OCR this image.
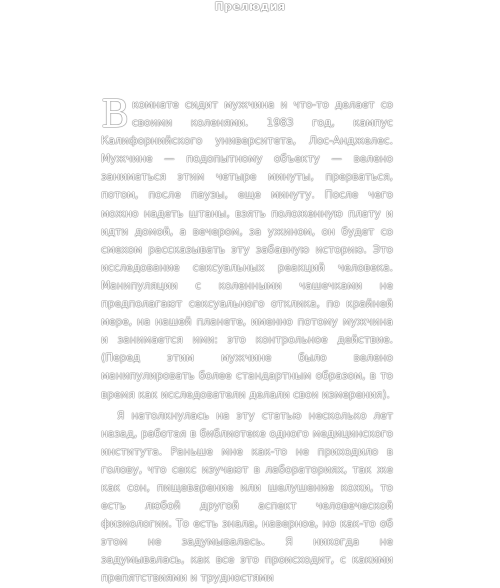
Прелюдия

В комнате сидит мужчина и что-то делает со своими коленями. 1983 год, кампус Калифорнийского университета, Лос-Анджелес. Мужчине — подопытному объекту — велено заниматься этим четыре минуты, прерваться, потом, после паузы, еще минуту. После чего можно надеть штаны, взять положенную плату и идти домой, а вечером, за ужином, он будет со смехом рассказывать эту забавную историю. Это исследование сексуальных реакций человека. Манипуляции с коленными чашечками не предполагают сексуального отклика, по крайней мере, на нашей планете, именно потому мужчина и занимается ими: это контрольное действие. (Перед этим мужчине было велено манипулировать более стандартным образом, в то время как исследователи делали свои измерения).

Я натолкнулась на эту статью несколько лет назад, работая в библиотеке одного медицинского института. Раньше мне как-то не приходило в голову, что секс изучают в лабораториях, так же как сон, пищеварение или шелушение кожи, то есть любой другой аспект человеческой физиологии. То есть знала, наверное, но как-то об этом не задумывалась. Я никогда не задумывалась, как все это происходит, с какими препятствиями и трудностями
